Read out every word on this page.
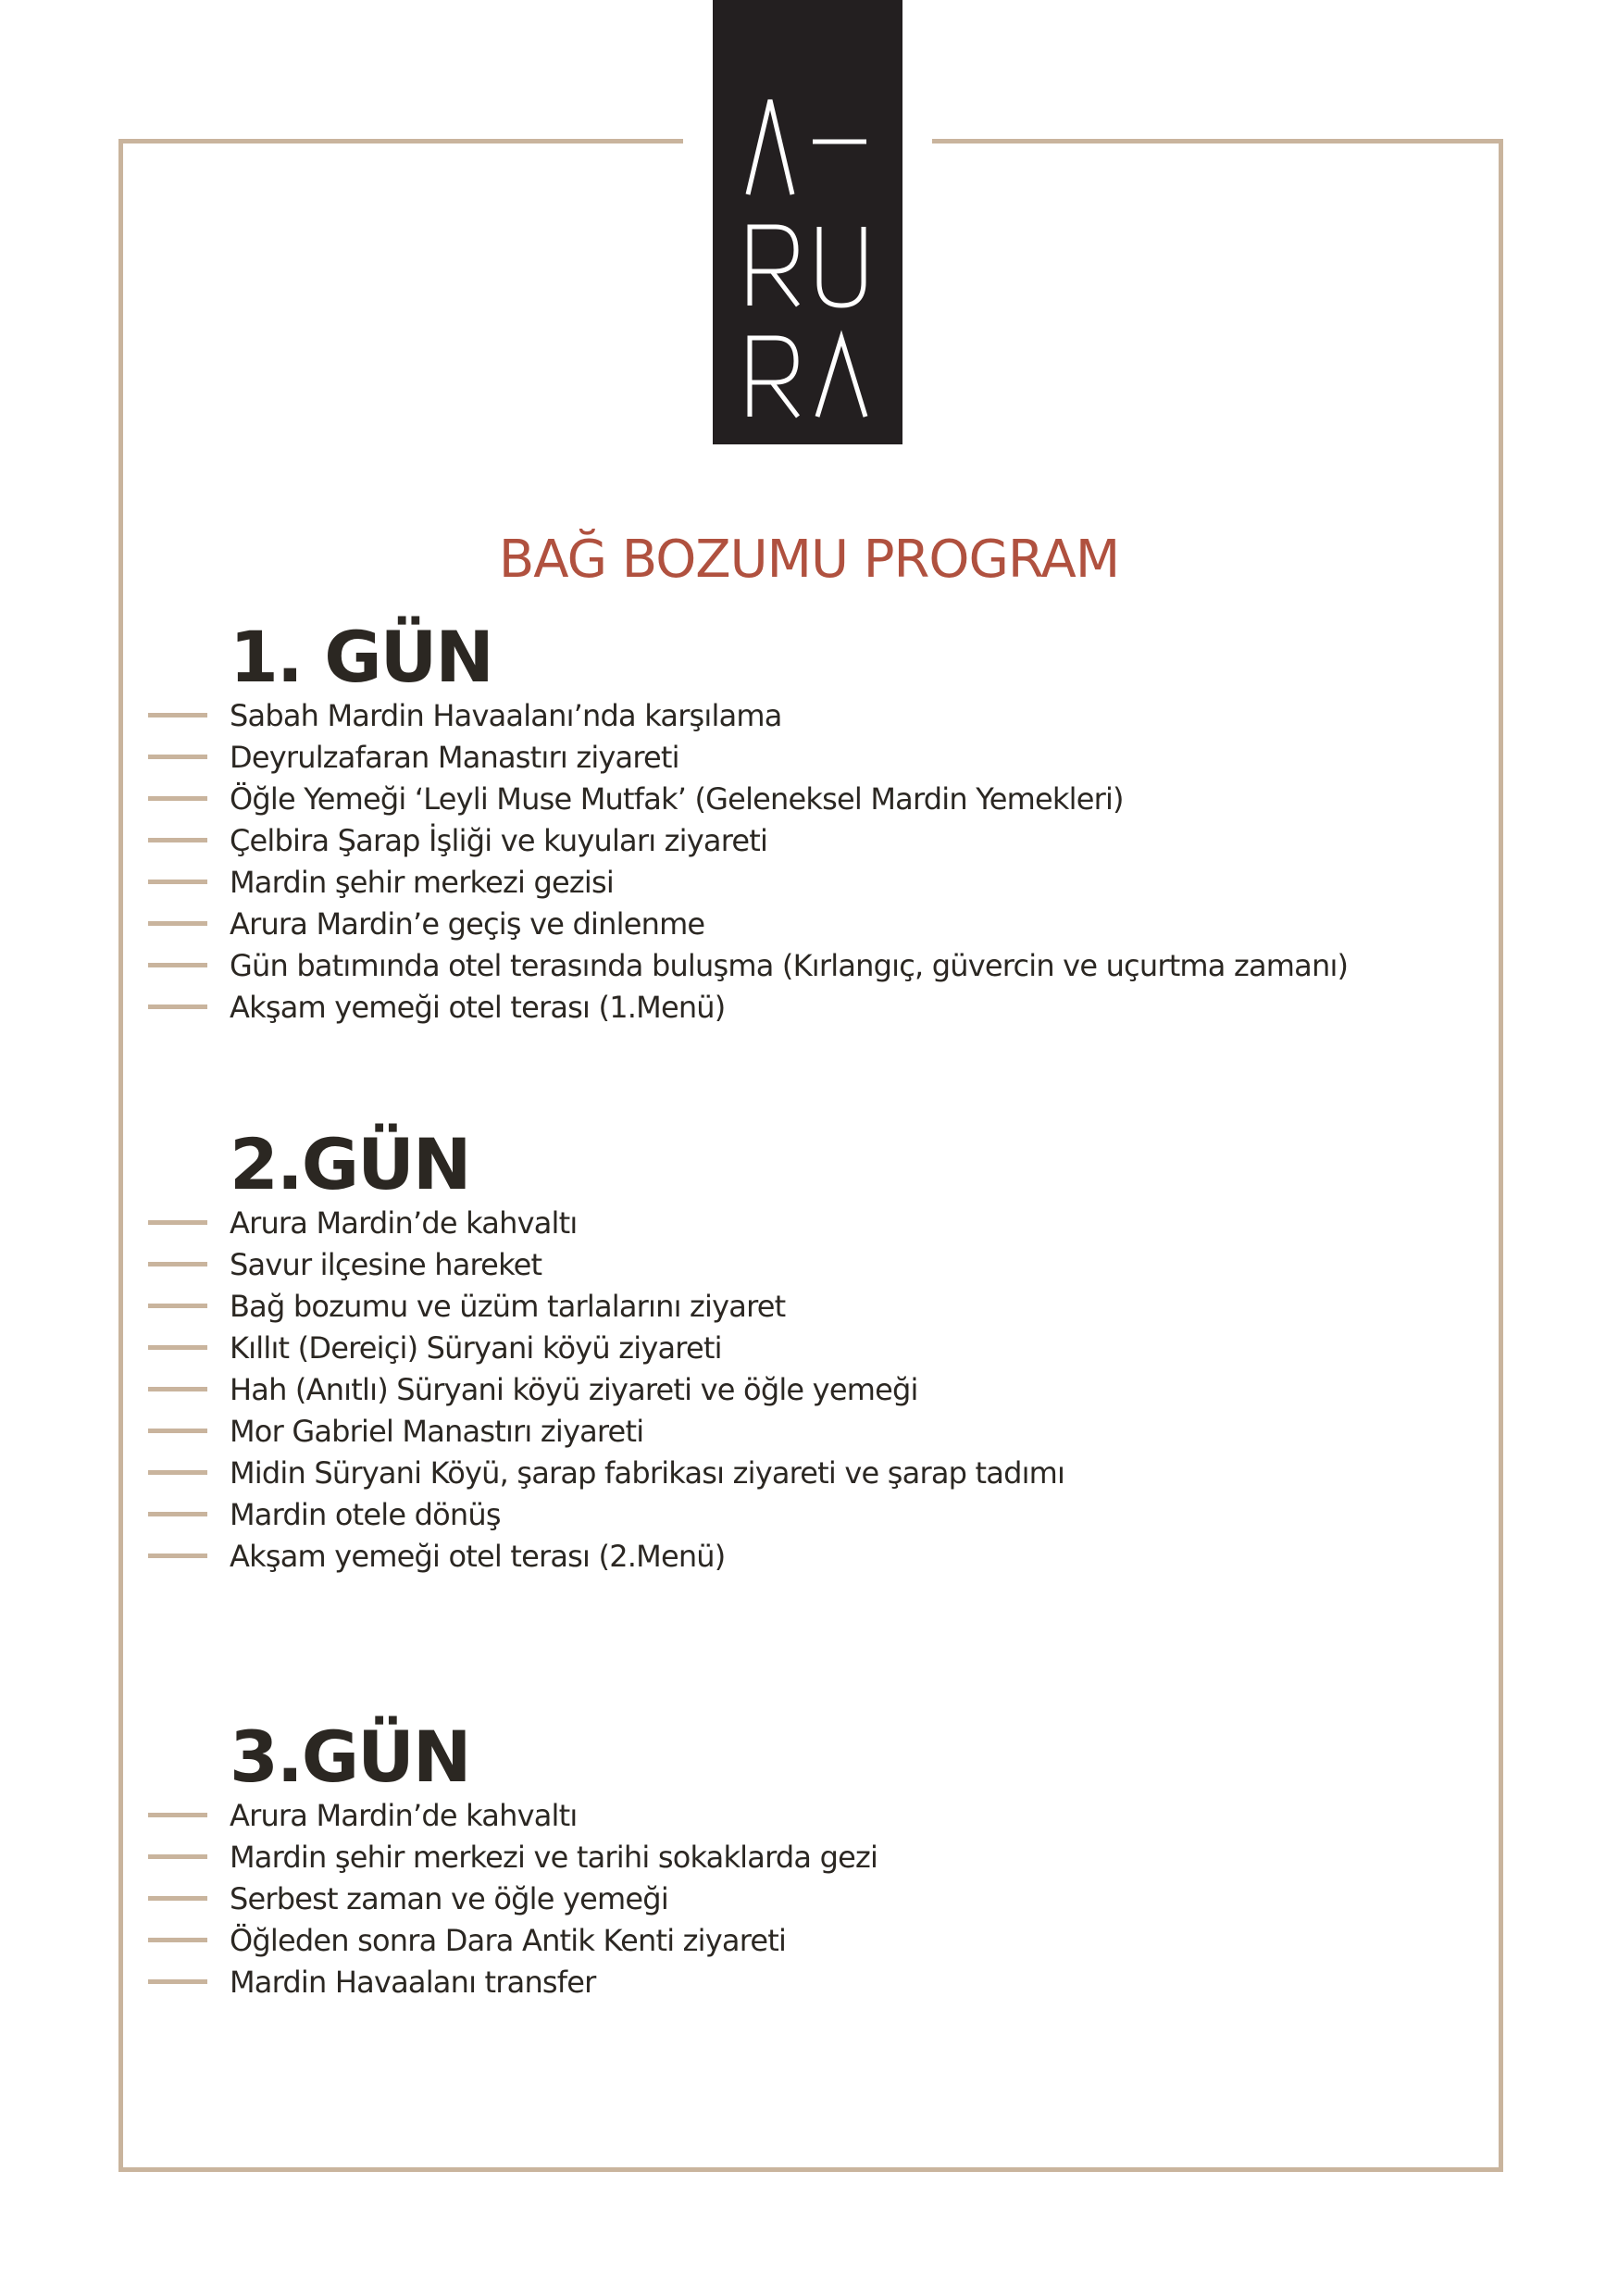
BAĞ BOZUMU PROGRAM
1. GÜN
Sabah Mardin Havaalanı’nda karşılama
Deyrulzafaran Manastırı ziyareti
Öğle Yemeği ‘Leyli Muse Mutfak’ (Geleneksel Mardin Yemekleri)
Çelbira Şarap İşliği ve kuyuları ziyareti
Mardin şehir merkezi gezisi
Arura Mardin’e geçiş ve dinlenme
Gün batımında otel terasında buluşma (Kırlangıç, güvercin ve uçurtma zamanı)
Akşam yemeği otel terası (1.Menü)
2.GÜN
Arura Mardin’de kahvaltı
Savur ilçesine hareket
Bağ bozumu ve üzüm tarlalarını ziyaret
Kıllıt (Dereiçi) Süryani köyü ziyareti
Hah (Anıtlı) Süryani köyü ziyareti ve öğle yemeği
Mor Gabriel Manastırı ziyareti
Midin Süryani Köyü, şarap fabrikası ziyareti ve şarap tadımı
Mardin otele dönüş
Akşam yemeği otel terası (2.Menü)
3.GÜN
Arura Mardin’de kahvaltı
Mardin şehir merkezi ve tarihi sokaklarda gezi
Serbest zaman ve öğle yemeği
Öğleden sonra Dara Antik Kenti ziyareti
Mardin Havaalanı transfer
